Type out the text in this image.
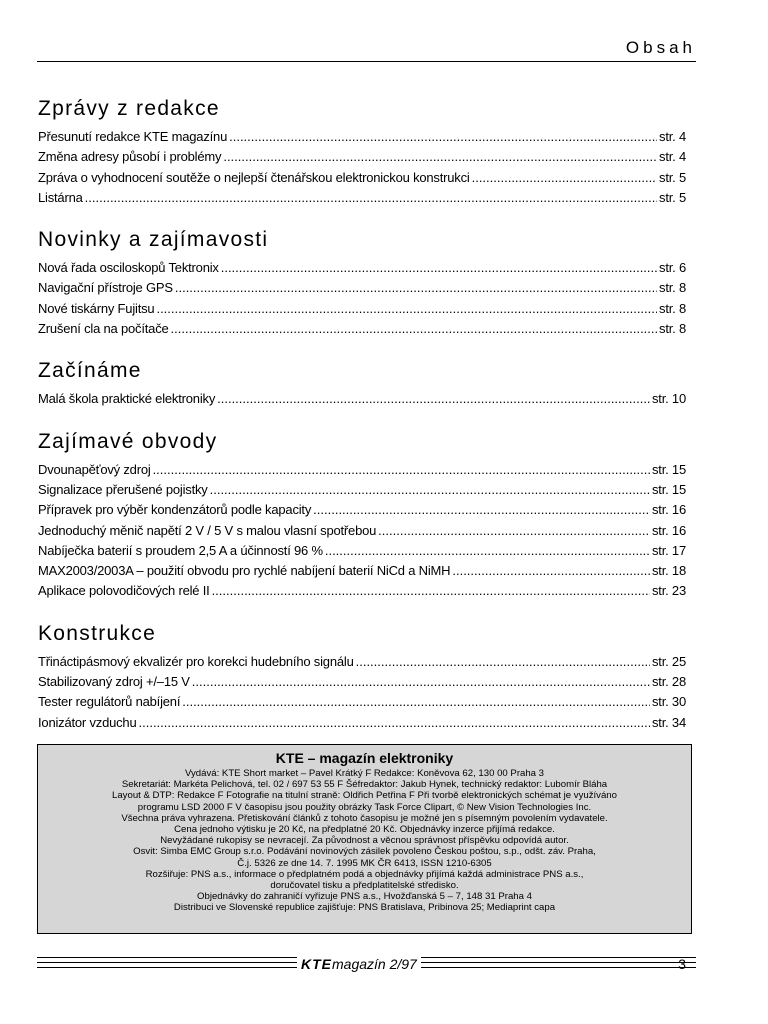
Obsah
Zprávy z redakce
Přesunutí redakce KTE magazínu .....	str. 4
Změna adresy působí i problémy .....	str. 4
Zpráva o vyhodnocení soutěže o nejlepší čtenářskou elektronickou konstrukci .....	str. 5
Listárna .....	str. 5
Novinky a zajímavosti
Nová řada osciloskopů Tektronix .....	str. 6
Navigační přístroje GPS .....	str. 8
Nové tiskárny Fujitsu .....	str. 8
Zrušení cla na počítače .....	str. 8
Začínáme
Malá škola praktické elektroniky .....	str. 10
Zajímavé obvody
Dvounapěťový zdroj .....	str. 15
Signalizace přerušené pojistky .....	str. 15
Přípravek pro výběr kondenzátorů podle kapacity .....	str. 16
Jednoduchý měnič napětí 2 V / 5 V s malou vlasní spotřebou .....	str. 16
Nabíječka baterií s proudem 2,5 A a účinností 96 % .....	str. 17
MAX2003/2003A – použití obvodu pro rychlé nabíjení baterií NiCd a NiMH .....	str. 18
Aplikace polovodičových relé II .....	str. 23
Konstrukce
Třináctipásmový ekvalizér pro korekci hudebního signálu .....	str. 25
Stabilizovaný zdroj +/–15 V .....	str. 28
Tester regulátorů nabíjení .....	str. 30
Ionizátor vzduchu .....	str. 34
KTE – magazín elektroniky
Vydává: KTE Short market – Pavel Krátký F Redakce: Koněvova 62, 130 00 Praha 3
Sekretariát: Markéta Pelichová, tel. 02 / 697 53 55 F Šéfredaktor: Jakub Hynek, technický redaktor: Lubomír Bláha
Layout & DTP: Redakce F Fotografie na titulní straně: Oldřich Petřina F Při tvorbě elektronických schémat je využíváno
programu LSD 2000 F V časopisu jsou použity obrázky Task Force Clipart, © New Vision Technologies Inc.
Všechna práva vyhrazena. Přetiskování článků z tohoto časopisu je možné jen s písemným povolením vydavatele.
Cena jednoho výtisku je 20 Kč, na předplatné 20 Kč. Objednávky inzerce přijímá redakce.
Nevyžádané rukopisy se nevracejí. Za původnost a věcnou správnost příspěvku odpovídá autor.
Osvit: Simba EMC Group s.r.o. Podávání novinových zásilek povoleno Českou poštou, s.p., odšt. záv. Praha,
Č.j. 5326 ze dne 14. 7. 1995 MK ČR 6413, ISSN 1210-6305
Rozšiřuje: PNS a.s., informace o předplatném podá a objednávky přijímá každá administrace PNS a.s.,
doručovatel tisku a předplatitelské středisko.
Objednávky do zahraničí vyřizuje PNS a.s., Hvožďanská 5 – 7, 148 31 Praha 4
Distribuci ve Slovenské republice zajišťuje: PNS Bratislava, Pribinova 25; Mediaprint capa
KTEmagazín 2/97	3
